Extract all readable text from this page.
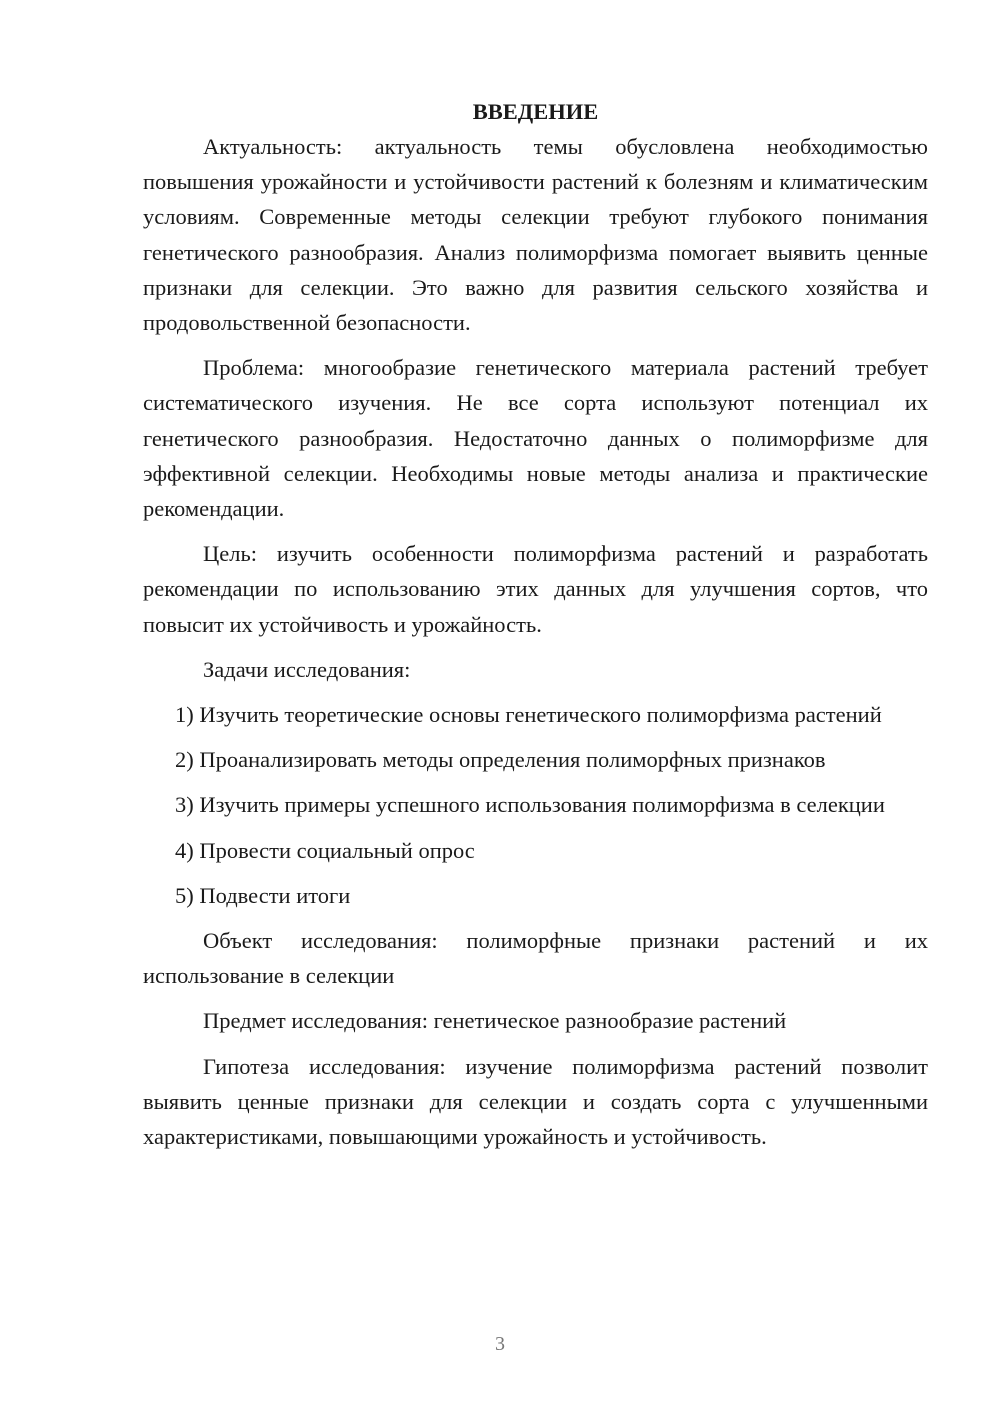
ВВЕДЕНИЕ

Актуальность: актуальность темы обусловлена необходимостью повышения урожайности и устойчивости растений к болезням и климатическим условиям. Современные методы селекции требуют глубокого понимания генетического разнообразия. Анализ полиморфизма помогает выявить ценные признаки для селекции. Это важно для развития сельского хозяйства и продовольственной безопасности.

Проблема: многообразие генетического материала растений требует систематического изучения. Не все сорта используют потенциал их генетического разнообразия. Недостаточно данных о полиморфизме для эффективной селекции. Необходимы новые методы анализа и практические рекомендации.

Цель: изучить особенности полиморфизма растений и разработать рекомендации по использованию этих данных для улучшения сортов, что повысит их устойчивость и урожайность.

Задачи исследования:

1) Изучить теоретические основы генетического полиморфизма растений

2) Проанализировать методы определения полиморфных признаков

3) Изучить примеры успешного использования полиморфизма в селекции

4) Провести социальный опрос

5) Подвести итоги

Объект исследования: полиморфные признаки растений и их использование в селекции

Предмет исследования: генетическое разнообразие растений

Гипотеза исследования: изучение полиморфизма растений позволит выявить ценные признаки для селекции и создать сорта с улучшенными характеристиками, повышающими урожайность и устойчивость.

3
